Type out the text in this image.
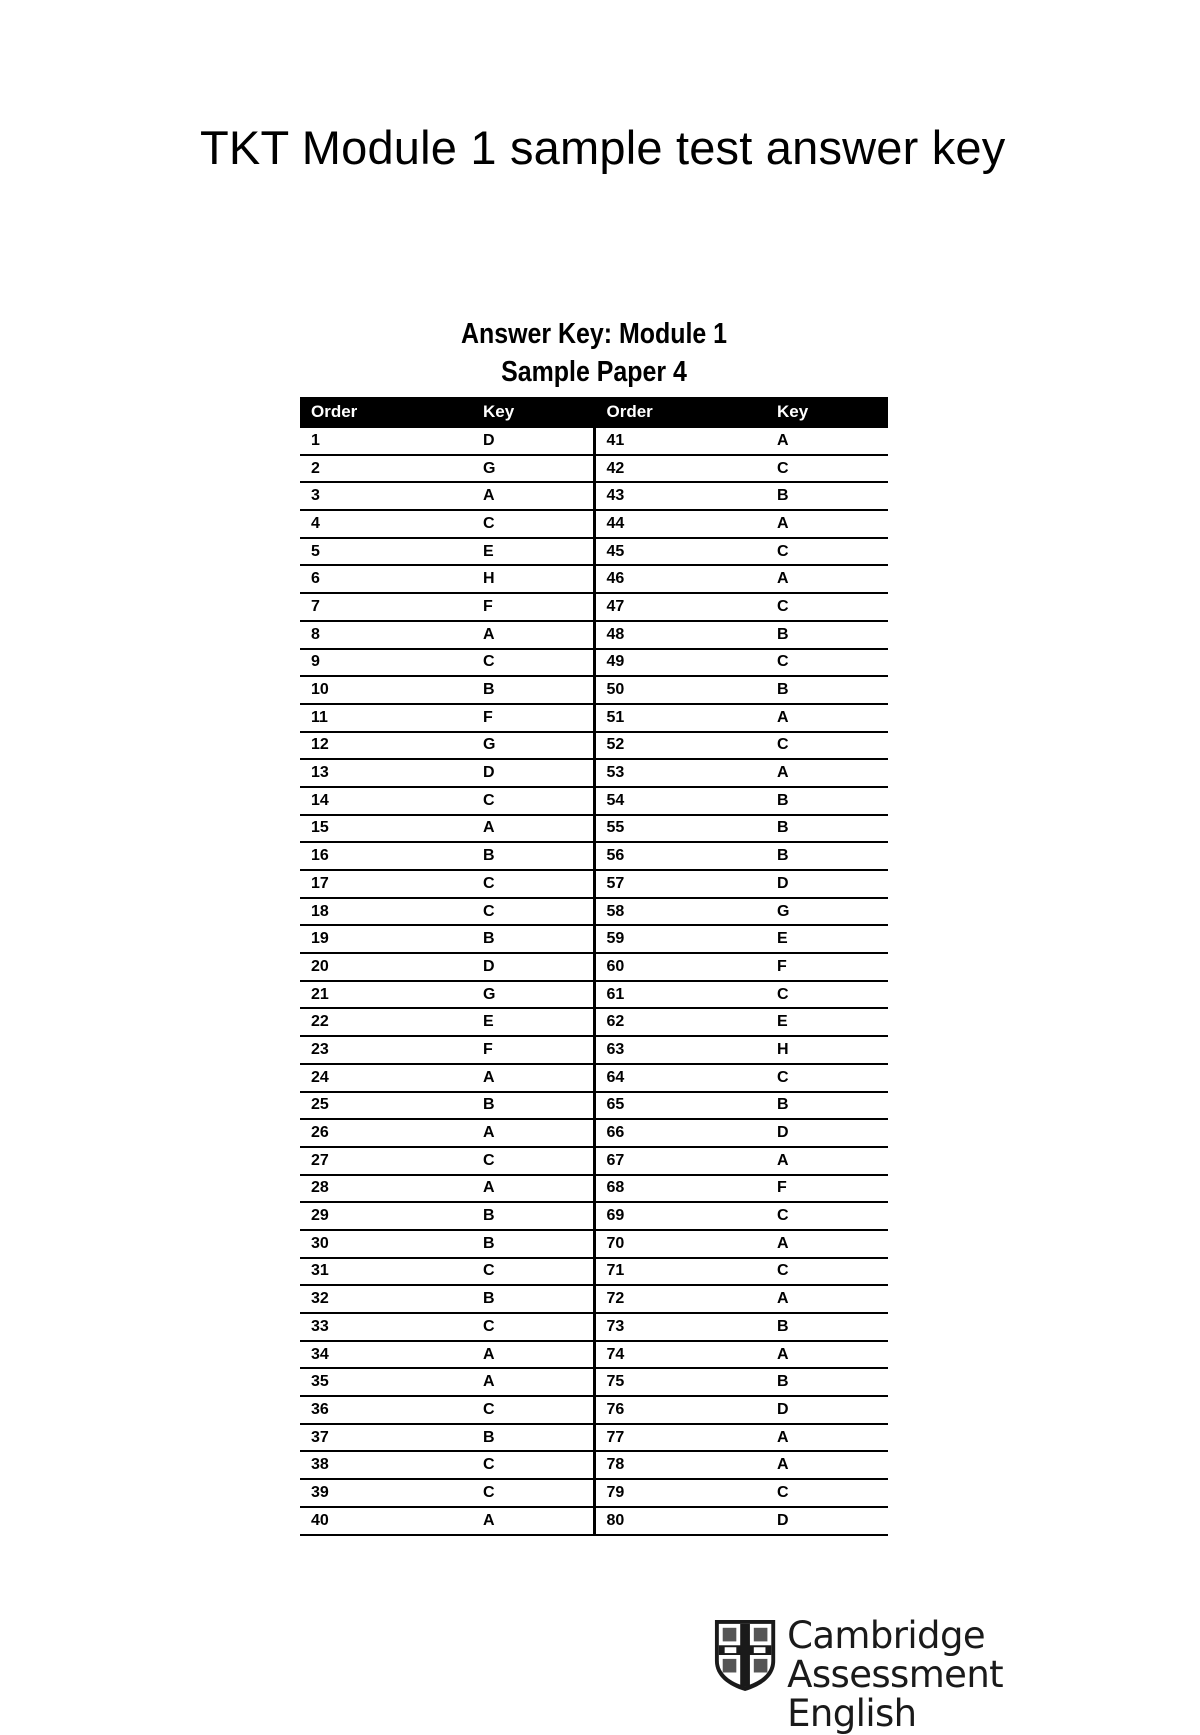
TKT Module 1 sample test answer key
Answer Key: Module 1
Sample Paper 4
Order	Key	Order	Key
1	D	41	A
2	G	42	C
3	A	43	B
4	C	44	A
5	E	45	C
6	H	46	A
7	F	47	C
8	A	48	B
9	C	49	C
10	B	50	B
11	F	51	A
12	G	52	C
13	D	53	A
14	C	54	B
15	A	55	B
16	B	56	B
17	C	57	D
18	C	58	G
19	B	59	E
20	D	60	F
21	G	61	C
22	E	62	E
23	F	63	H
24	A	64	C
25	B	65	B
26	A	66	D
27	C	67	A
28	A	68	F
29	B	69	C
30	B	70	A
31	C	71	C
32	B	72	A
33	C	73	B
34	A	74	A
35	A	75	B
36	C	76	D
37	B	77	A
38	C	78	A
39	C	79	C
40	A	80	D
Cambridge Assessment
English
